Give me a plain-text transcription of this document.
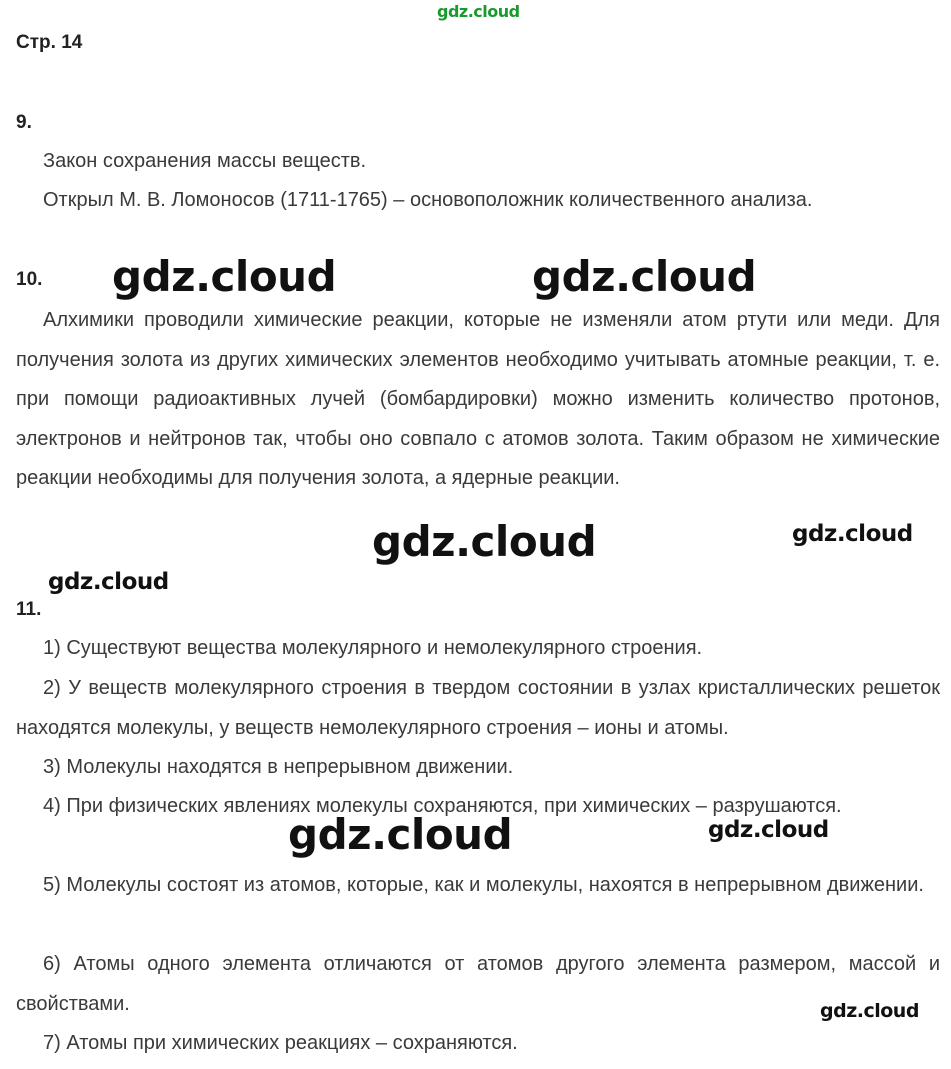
gdz.cloud
Стр. 14
9.

Закон сохранения массы веществ.

Открыл М. В. Ломоносов (1711-1765) – основоположник количественного анализа.

10.

Алхимики проводили химические реакции, которые не изменяли атом ртути или меди. Для получения золота из других химических элементов необходимо учитывать атомные реакции, т. е. при помощи радиоактивных лучей (бомбардировки) можно изменить количество протонов, электронов и нейтронов так, чтобы оно совпало с атомов золота. Таким образом не химические реакции необходимы для получения золота, а ядерные реакции.

11.

1) Существуют вещества молекулярного и немолекулярного строения.

2) У веществ молекулярного строения в твердом состоянии в узлах кристаллических решеток находятся молекулы, у веществ немолекулярного строения – ионы и атомы.

3) Молекулы находятся в непрерывном движении.

4) При физических явлениях молекулы сохраняются, при химических – разрушаются.

5) Молекулы состоят из атомов, которые, как и молекулы, нахоятся в непрерывном движении.

6) Атомы одного элемента отличаются от атомов другого элемента размером, массой и свойствами.

7) Атомы при химических реакциях – сохраняются.

gdz.cloud	gdz.cloud
gdz.cloud	gdz.cloud
gdz.cloud
gdz.cloud	gdz.cloud
gdz.cloud
